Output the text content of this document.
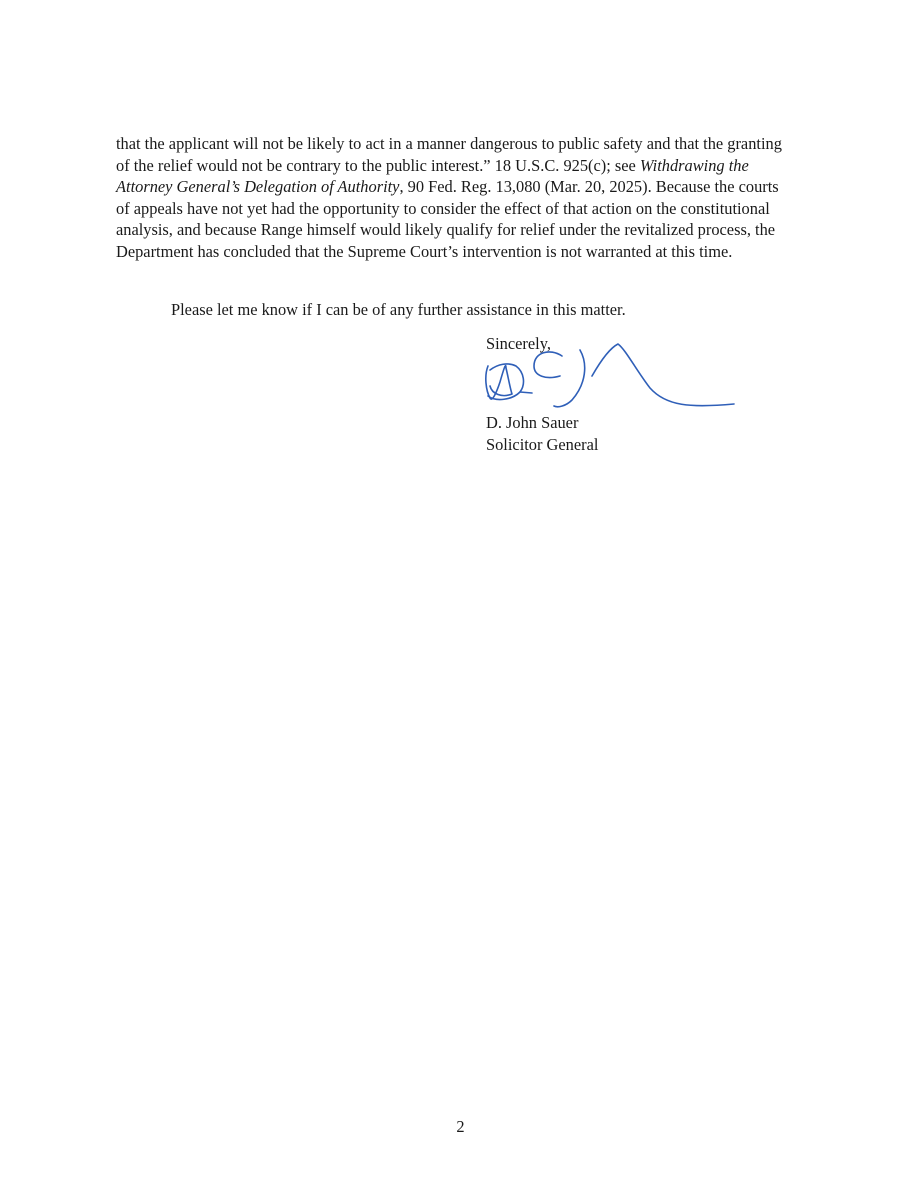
that the applicant will not be likely to act in a manner dangerous to public safety and that the granting of the relief would not be contrary to the public interest.” 18 U.S.C. 925(c); see Withdrawing the Attorney General’s Delegation of Authority, 90 Fed. Reg. 13,080 (Mar. 20, 2025). Because the courts of appeals have not yet had the opportunity to consider the effect of that action on the constitutional analysis, and because Range himself would likely qualify for relief under the revitalized process, the Department has concluded that the Supreme Court’s intervention is not warranted at this time.

Please let me know if I can be of any further assistance in this matter.
Sincerely,
D. John Sauer
Solicitor General
2
